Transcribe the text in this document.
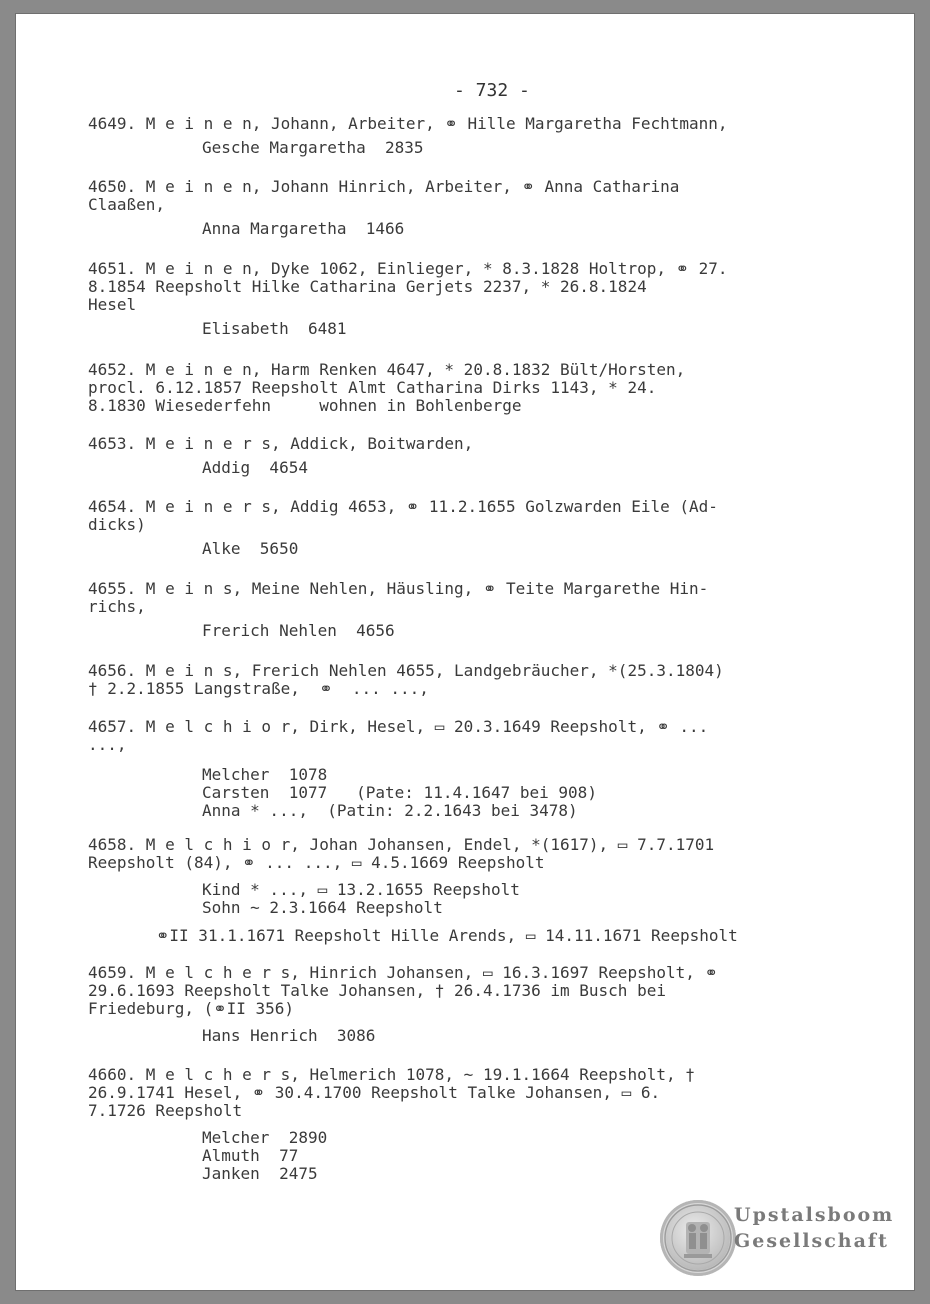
- 732 -
4649. M e i n e n, Johann, Arbeiter, ⚭ Hille Margaretha Fechtmann,
Gesche Margaretha  2835
4650. M e i n e n, Johann Hinrich, Arbeiter, ⚭ Anna Catharina
Claaßen,
Anna Margaretha  1466
4651. M e i n e n, Dyke 1062, Einlieger, * 8.3.1828 Holtrop, ⚭ 27.
8.1854 Reepsholt Hilke Catharina Gerjets 2237, * 26.8.1824
Hesel
Elisabeth  6481
4652. M e i n e n, Harm Renken 4647, * 20.8.1832 Bült/Horsten,
procl. 6.12.1857 Reepsholt Almt Catharina Dirks 1143, * 24.
8.1830 Wiesederfehn     wohnen in Bohlenberge
4653. M e i n e r s, Addick, Boitwarden,
Addig  4654
4654. M e i n e r s, Addig 4653, ⚭ 11.2.1655 Golzwarden Eile (Ad-
dicks)
Alke  5650
4655. M e i n s, Meine Nehlen, Häusling, ⚭ Teite Margarethe Hin-
richs,
Frerich Nehlen  4656
4656. M e i n s, Frerich Nehlen 4655, Landgebräucher, *(25.3.1804)
† 2.2.1855 Langstraße,  ⚭  ... ...,
4657. M e l c h i o r, Dirk, Hesel, ▭ 20.3.1649 Reepsholt, ⚭ ...
...,
Melcher  1078
Carsten  1077   (Pate: 11.4.1647 bei 908)
Anna * ...,  (Patin: 2.2.1643 bei 3478)
4658. M e l c h i o r, Johan Johansen, Endel, *(1617), ▭ 7.7.1701
Reepsholt (84), ⚭ ... ..., ▭ 4.5.1669 Reepsholt
Kind * ..., ▭ 13.2.1655 Reepsholt
Sohn ~ 2.3.1664 Reepsholt
⚭II 31.1.1671 Reepsholt Hille Arends, ▭ 14.11.1671 Reepsholt
4659. M e l c h e r s, Hinrich Johansen, ▭ 16.3.1697 Reepsholt, ⚭
29.6.1693 Reepsholt Talke Johansen, † 26.4.1736 im Busch bei
Friedeburg, (⚭II 356)
Hans Henrich  3086
4660. M e l c h e r s, Helmerich 1078, ~ 19.1.1664 Reepsholt, †
26.9.1741 Hesel, ⚭ 30.4.1700 Reepsholt Talke Johansen, ▭ 6.
7.1726 Reepsholt
Melcher  2890
Almuth  77
Janken  2475
Upstalsboom
Gesellschaft
